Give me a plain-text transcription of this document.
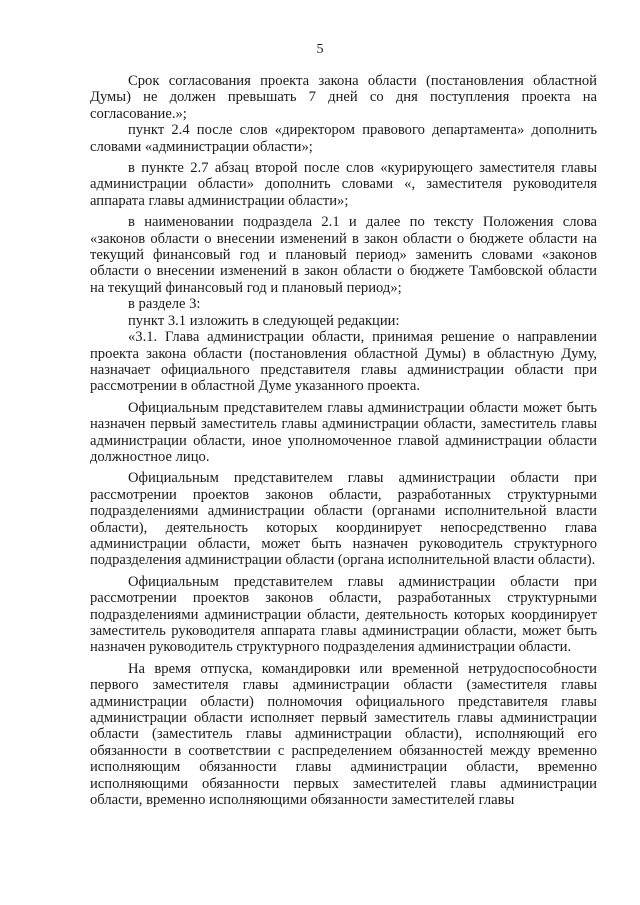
5

Срок согласования проекта закона области (постановления областной Думы) не должен превышать 7 дней со дня поступления проекта на согласование.»;

пункт 2.4 после слов «директором правового департамента» дополнить словами «администрации области»;

в пункте 2.7 абзац второй после слов «курирующего заместителя главы администрации области» дополнить словами «, заместителя руководителя аппарата главы администрации области»;

в наименовании подраздела 2.1 и далее по тексту Положения слова «законов области о внесении изменений в закон области о бюджете области на текущий финансовый год и плановый период» заменить словами «законов области о внесении изменений в закон области о бюджете Тамбовской области на текущий финансовый год и плановый период»;

в разделе 3:

пункт 3.1 изложить в следующей редакции:

«3.1. Глава администрации области, принимая решение о направлении проекта закона области (постановления областной Думы) в областную Думу, назначает официального представителя главы администрации области при рассмотрении в областной Думе указанного проекта.

Официальным представителем главы администрации области может быть назначен первый заместитель главы администрации области, заместитель главы администрации области, иное уполномоченное главой администрации области должностное лицо.

Официальным представителем главы администрации области при рассмотрении проектов законов области, разработанных структурными подразделениями администрации области (органами исполнительной власти области), деятельность которых координирует непосредственно глава администрации области, может быть назначен руководитель структурного подразделения администрации области (органа исполнительной власти области).

Официальным представителем главы администрации области при рассмотрении проектов законов области, разработанных структурными подразделениями администрации области, деятельность которых координирует заместитель руководителя аппарата главы администрации области, может быть назначен руководитель структурного подразделения администрации области.

На время отпуска, командировки или временной нетрудоспособности первого заместителя главы администрации области (заместителя главы администрации области) полномочия официального представителя главы администрации области исполняет первый заместитель главы администрации области (заместитель главы администрации области), исполняющий его обязанности в соответствии с распределением обязанностей между временно исполняющим обязанности главы администрации области, временно исполняющими обязанности первых заместителей главы администрации области, временно исполняющими обязанности заместителей главы
